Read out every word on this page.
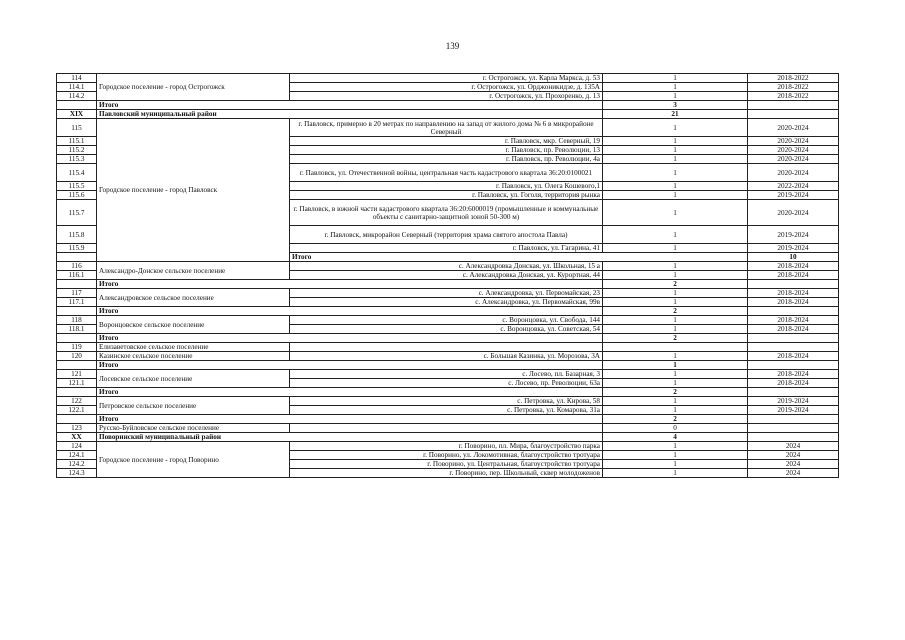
139
114	Городское поселение - город Острогожск	г. Острогожск, ул. Карла Маркса, д. 53	1	2018-2022	
114.1		г. Острогожск, ул. Орджоникидзе, д. 135А	1	2018-2022	
114.2		г. Острогожск, ул. Прохоренко, д. 13	1	2018-2022	
	Итого		3		
XIX	Павловский муниципальный район		21		
115	Городское поселение - город Павловск	г. Павловск, примерно в 20 метрах по направлению на запад от жилого дома № 6 в микрорайоне Северный	1	2020-2024	
115.1		г. Павловск, мкр. Северный, 19	1	2020-2024	
115.2		г. Павловск, пр. Революции, 13	1	2020-2024	
115.3		г. Павловск, пр. Революции, 4а	1	2020-2024	
115.4		г. Павловск, ул. Отечественной войны, центральная часть кадастрового квартала 36:20:0100021	1	2020-2024	
115.5		г. Павловск, ул. Олега Кошевого,1	1	2022-2024	
115.6		г. Павловск, ул. Гоголя, территория рынка	1	2019-2024	
115.7		г. Павловск, в южной части кадастрового квартала 36:20:6000019 (промышленные и коммунальные объекты с санитарно-защитной зоной 50-300 м)	1	2020-2024	
115.8		г. Павловск, микрорайон Северный (территория храма святого апостола Павла)	1	2019-2024	
115.9		г. Павловск, ул. Гагарина, 41	1	2019-2024	
		Итого		10	
116	Александро-Донское сельское поселение	с. Александровка Донская, ул. Школьная, 15 а	1	2018-2024	
116.1		с. Александровка Донская, ул. Курортная, 44	1	2018-2024	
	Итого		2		
117	Александровское сельское поселение	с. Александровка, ул. Первомайская, 23	1	2018-2024	
117.1		с. Александровка, ул. Первомайская, 99в	1	2018-2024	
	Итого		2		
118	Воронцовское сельское поселение	с. Воронцовка, ул. Свобода, 144	1	2018-2024	
118.1		с. Воронцовка, ул. Советская, 54	1	2018-2024	
	Итого		2		
119	Елизаветовское сельское поселение				
120	Казинское сельское поселение	с. Большая Казинка, ул. Морозова, 3А	1	2018-2024	
	Итого		1		
121	Лосевское сельское поселение	с. Лосево, пл. Базарная, 3	1	2018-2024	
121.1		с. Лосево, пр. Революции, 63а	1	2018-2024	
	Итого		2		
122	Петровское сельское поселение	с. Петровка, ул. Кирова, 58	1	2019-2024	
122.1		с. Петровка, ул. Комарова, 31а	1	2019-2024	
	Итого		2		
123	Русско-Буйловское сельское поселение		0		
XX	Поворинский муниципальный район		4		
124	Городское поселение - город Поворино	г. Поворино, пл. Мира, благоустройство парка	1	2024	
124.1		г. Поворино, ул. Локомотивная, благоустройство тротуара	1	2024	
124.2		г. Поворино, ул. Центральная, благоустройство тротуара	1	2024	
124.3		г. Поворино, пер. Школьный, сквер молодоженов	1	2024	
